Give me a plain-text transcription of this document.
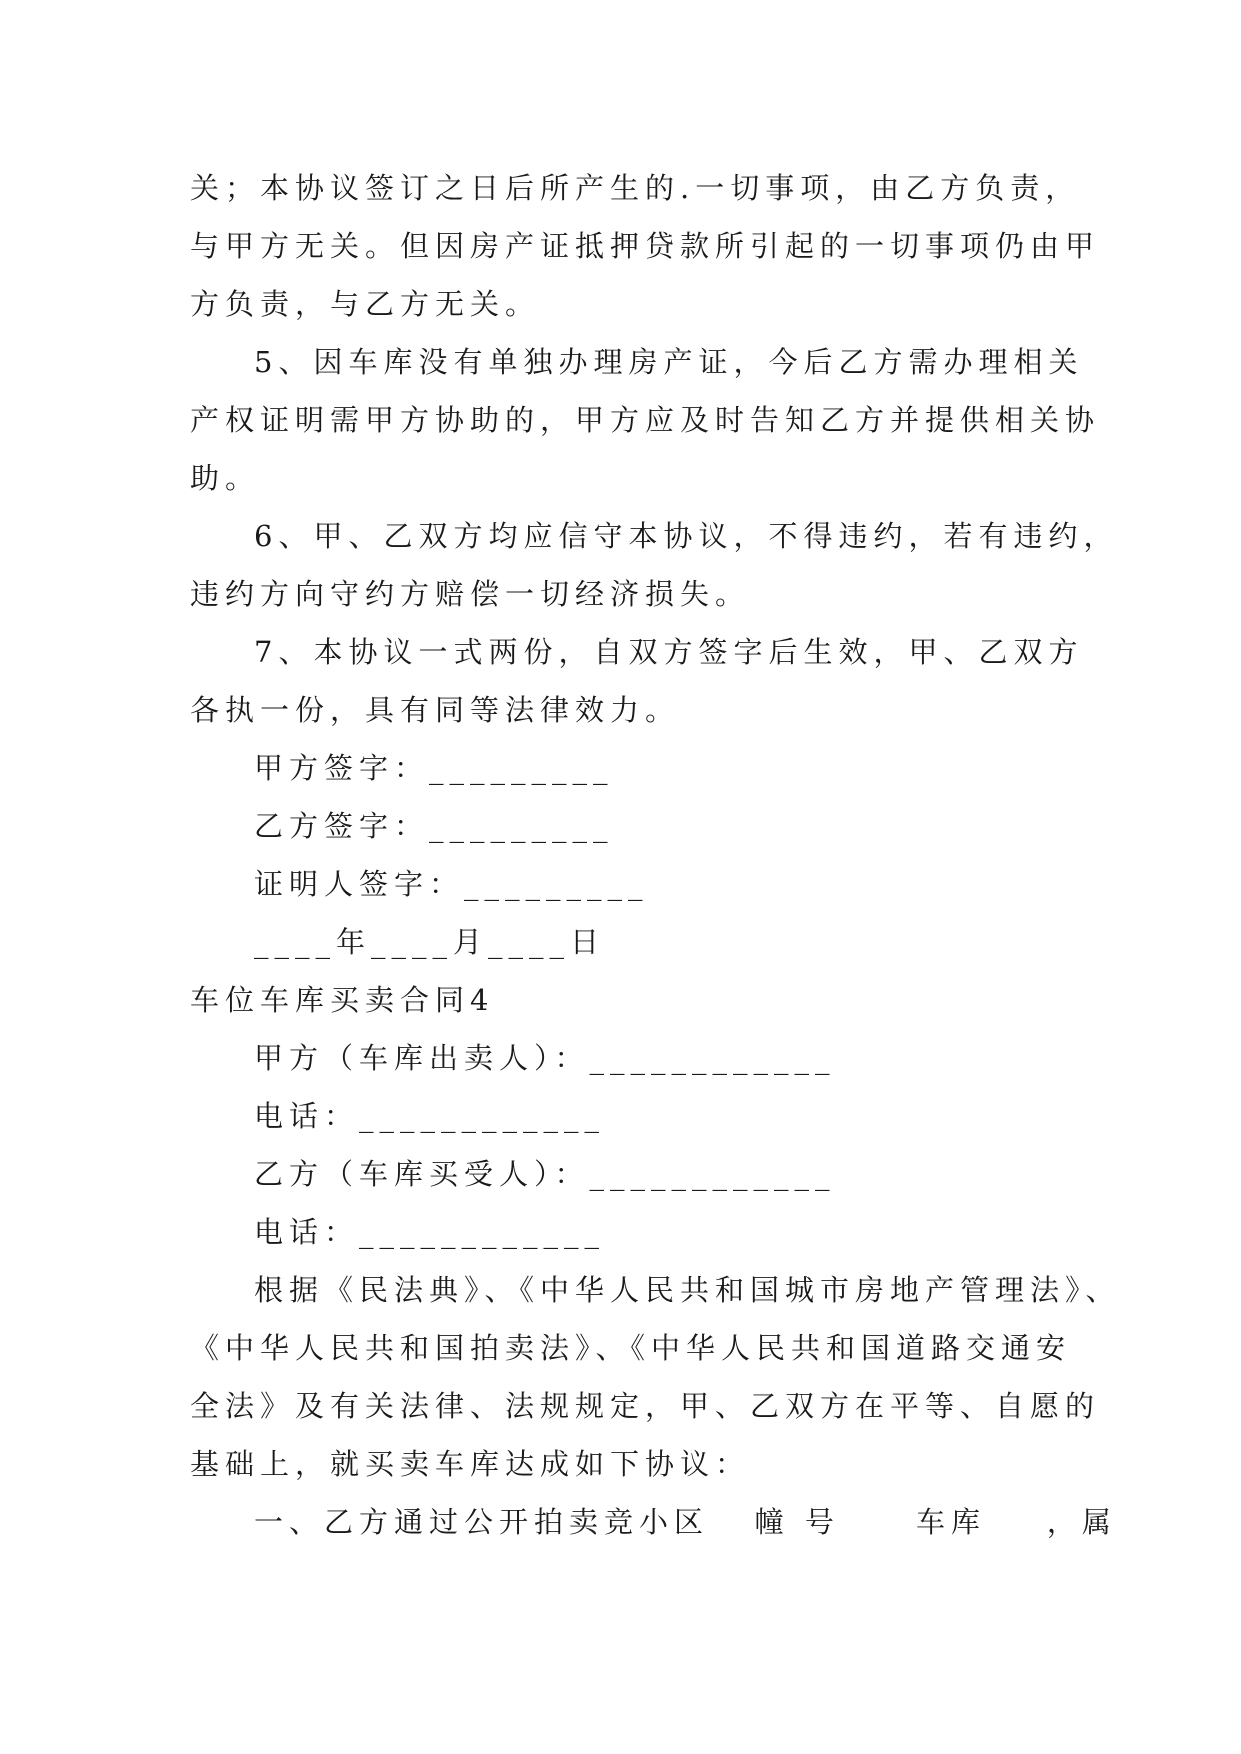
关；本协议签订之日后所产生的.一切事项，由乙方负责，
与甲方无关。但因房产证抵押贷款所引起的一切事项仍由甲
方负责，与乙方无关。
5、因车库没有单独办理房产证，今后乙方需办理相关
产权证明需甲方协助的，甲方应及时告知乙方并提供相关协
助。
6、甲、乙双方均应信守本协议，不得违约，若有违约，
违约方向守约方赔偿一切经济损失。
7、本协议一式两份，自双方签字后生效，甲、乙双方
各执一份，具有同等法律效力。
甲方签字：_________
乙方签字：_________
证明人签字：_________
____年____月____日
车位车库买卖合同4
甲方（车库出卖人）：____________
电话：____________
乙方（车库买受人）：____________
电话：____________
根据《民法典》、《中华人民共和国城市房地产管理法》、
《中华人民共和国拍卖法》、《中华人民共和国道路交通安
全法》及有关法律、法规规定，甲、乙双方在平等、自愿的
基础上，就买卖车库达成如下协议：
一、乙方通过公开拍卖竞小区   幢 号     车库    ，属
